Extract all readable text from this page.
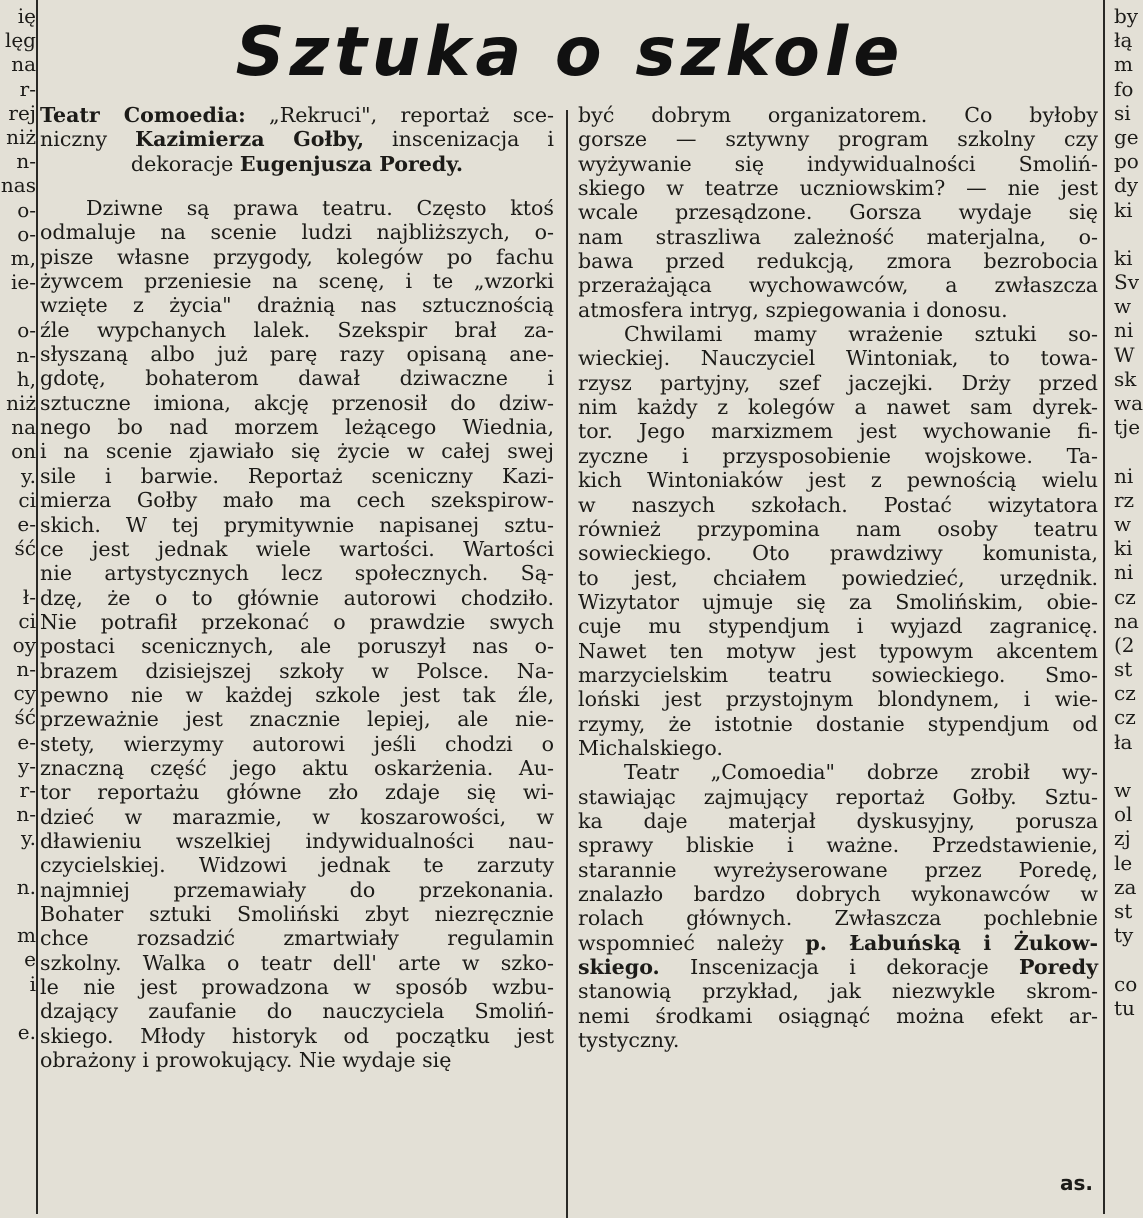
ię
lęg
na
r-
rej
niż
n-
nas
o-
o-
m,
ie-
o-
n-
h,
niż
na
on
y.
ci
e-
ść
ł-
ci
oy
n-
cy
ść
e-
y-
r-
n-
y.
n.
m
e
i
e.
by
łą
m
fo
si
ge
po
dy
ki
ki
Sv
w
ni
W
sk
wa
tje
ni
rz
w
ki
ni
cz
na
(2
st
cz
cz
ła
w
ol
zj
le
za
st
ty
co
tu
Sztuka o szkole
Teatr Comoedia: „Rekruci", reportaż sce-
niczny Kazimierza Gołby, inscenizacja i
dekoracje Eugenjusza Poredy.
Dziwne są prawa teatru. Często ktoś
odmaluje na scenie ludzi najbliższych, o-
pisze własne przygody, kolegów po fachu
żywcem przeniesie na scenę, i te „wzorki
wzięte z życia" drażnią nas sztucznością
źle wypchanych lalek. Szekspir brał za-
słyszaną albo już parę razy opisaną ane-
gdotę, bohaterom dawał dziwaczne i
sztuczne imiona, akcję przenosił do dziw-
nego bo nad morzem leżącego Wiednia,
i na scenie zjawiało się życie w całej swej
sile i barwie. Reportaż sceniczny Kazi-
mierza Gołby mało ma cech szekspirow-
skich. W tej prymitywnie napisanej sztu-
ce jest jednak wiele wartości. Wartości
nie artystycznych lecz społecznych. Są-
dzę, że o to głównie autorowi chodziło.
Nie potrafił przekonać o prawdzie swych
postaci scenicznych, ale poruszył nas o-
brazem dzisiejszej szkoły w Polsce. Na-
pewno nie w każdej szkole jest tak źle,
przeważnie jest znacznie lepiej, ale nie-
stety, wierzymy autorowi jeśli chodzi o
znaczną część jego aktu oskarżenia. Au-
tor reportażu główne zło zdaje się wi-
dzieć w marazmie, w koszarowości, w
dławieniu wszelkiej indywidualności nau-
czycielskiej. Widzowi jednak te zarzuty
najmniej przemawiały do przekonania.
Bohater sztuki Smoliński zbyt niezręcznie
chce rozsadzić zmartwiały regulamin
szkolny. Walka o teatr dell' arte w szko-
le nie jest prowadzona w sposób wzbu-
dzający zaufanie do nauczyciela Smoliń-
skiego. Młody historyk od początku jest
obrażony i prowokujący. Nie wydaje się
być dobrym organizatorem. Co byłoby
gorsze — sztywny program szkolny czy
wyżywanie się indywidualności Smoliń-
skiego w teatrze uczniowskim? — nie jest
wcale przesądzone. Gorsza wydaje się
nam straszliwa zależność materjalna, o-
bawa przed redukcją, zmora bezrobocia
przerażająca wychowawców, a zwłaszcza
atmosfera intryg, szpiegowania i donosu.
Chwilami mamy wrażenie sztuki so-
wieckiej. Nauczyciel Wintoniak, to towa-
rzysz partyjny, szef jaczejki. Drży przed
nim każdy z kolegów a nawet sam dyrek-
tor. Jego marxizmem jest wychowanie fi-
zyczne i przysposobienie wojskowe. Ta-
kich Wintoniaków jest z pewnością wielu
w naszych szkołach. Postać wizytatora
również przypomina nam osoby teatru
sowieckiego. Oto prawdziwy komunista,
to jest, chciałem powiedzieć, urzędnik.
Wizytator ujmuje się za Smolińskim, obie-
cuje mu stypendjum i wyjazd zagranicę.
Nawet ten motyw jest typowym akcentem
marzycielskim teatru sowieckiego. Smo-
loński jest przystojnym blondynem, i wie-
rzymy, że istotnie dostanie stypendjum od
Michalskiego.
Teatr „Comoedia" dobrze zrobił wy-
stawiając zajmujący reportaż Gołby. Sztu-
ka daje materjał dyskusyjny, porusza
sprawy bliskie i ważne. Przedstawienie,
starannie wyreżyserowane przez Poredę,
znalazło bardzo dobrych wykonawców w
rolach głównych. Zwłaszcza pochlebnie
wspomnieć należy p. Łabuńską i Żukow-
skiego. Inscenizacja i dekoracje Poredy
stanowią przykład, jak niezwykle skrom-
nemi środkami osiągnąć można efekt ar-
tystyczny.
as.
